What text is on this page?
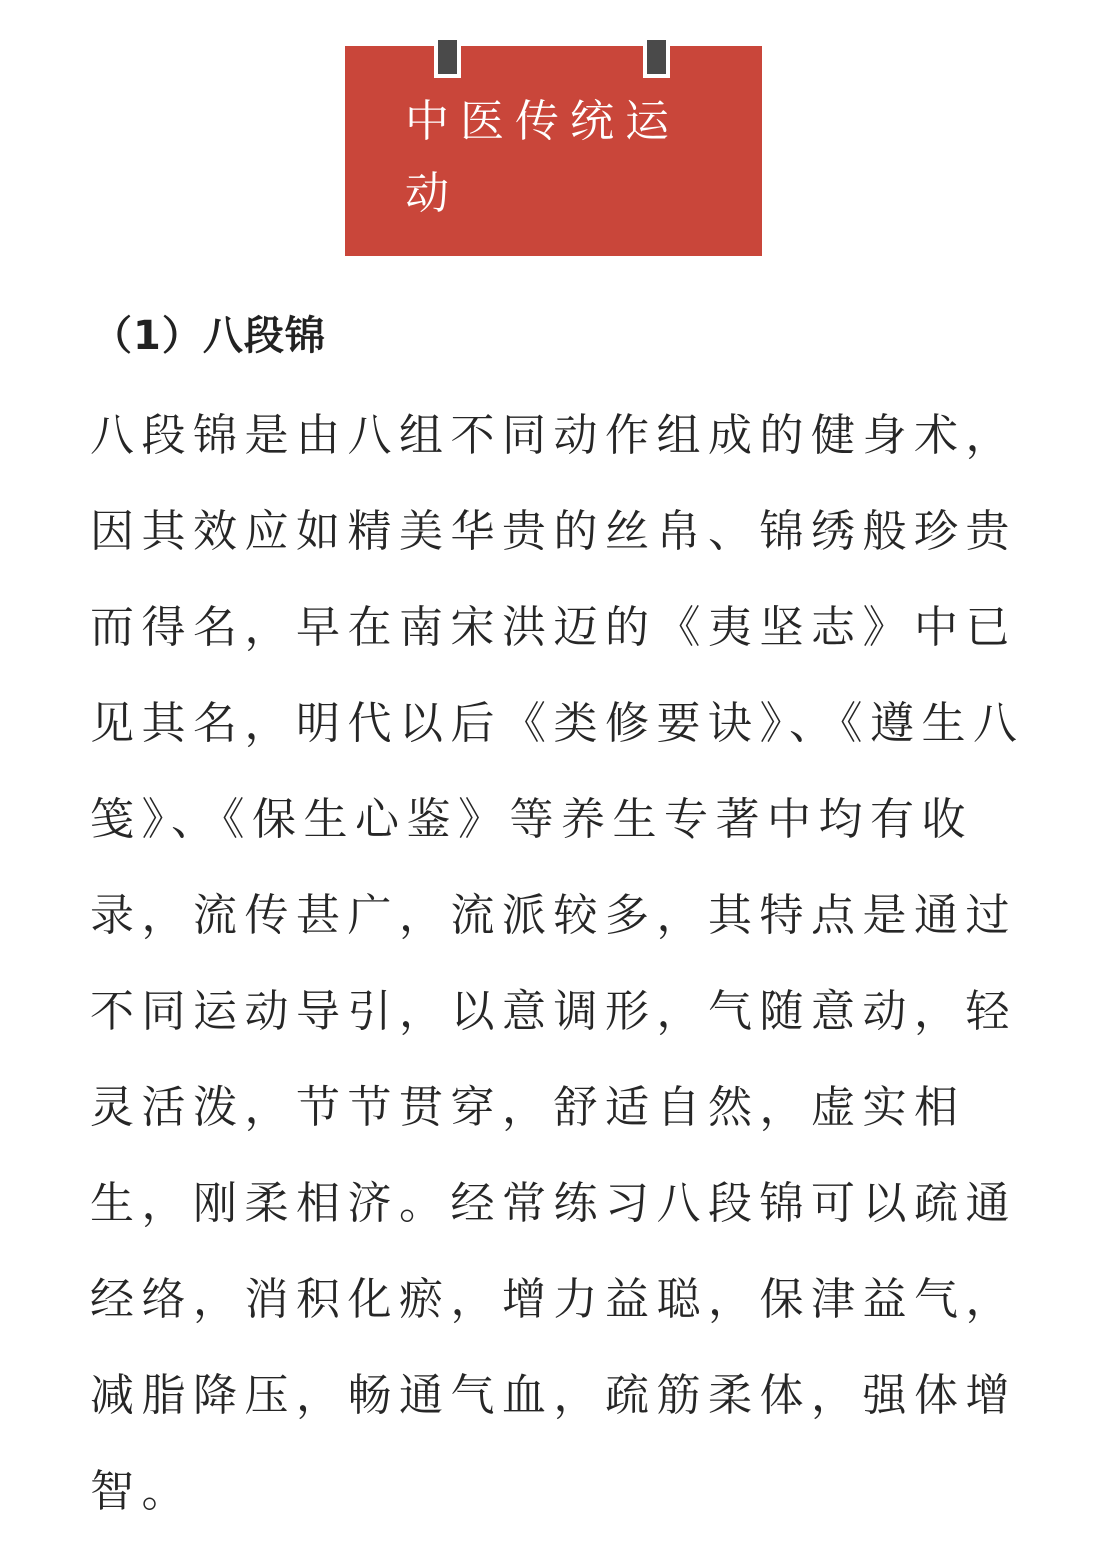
中医传统运动
（1）八段锦

八段锦是由八组不同动作组成的健身术，因其效应如精美华贵的丝帛、锦绣般珍贵而得名，早在南宋洪迈的《夷坚志》中已见其名，明代以后《类修要诀》、《遵生八笺》、《保生心鉴》等养生专著中均有收录，流传甚广，流派较多，其特点是通过不同运动导引，以意调形，气随意动，轻灵活泼，节节贯穿，舒适自然，虚实相生，刚柔相济。经常练习八段锦可以疏通经络，消积化瘀，增力益聪，保津益气，减脂降压，畅通气血，疏筋柔体，强体增智。
